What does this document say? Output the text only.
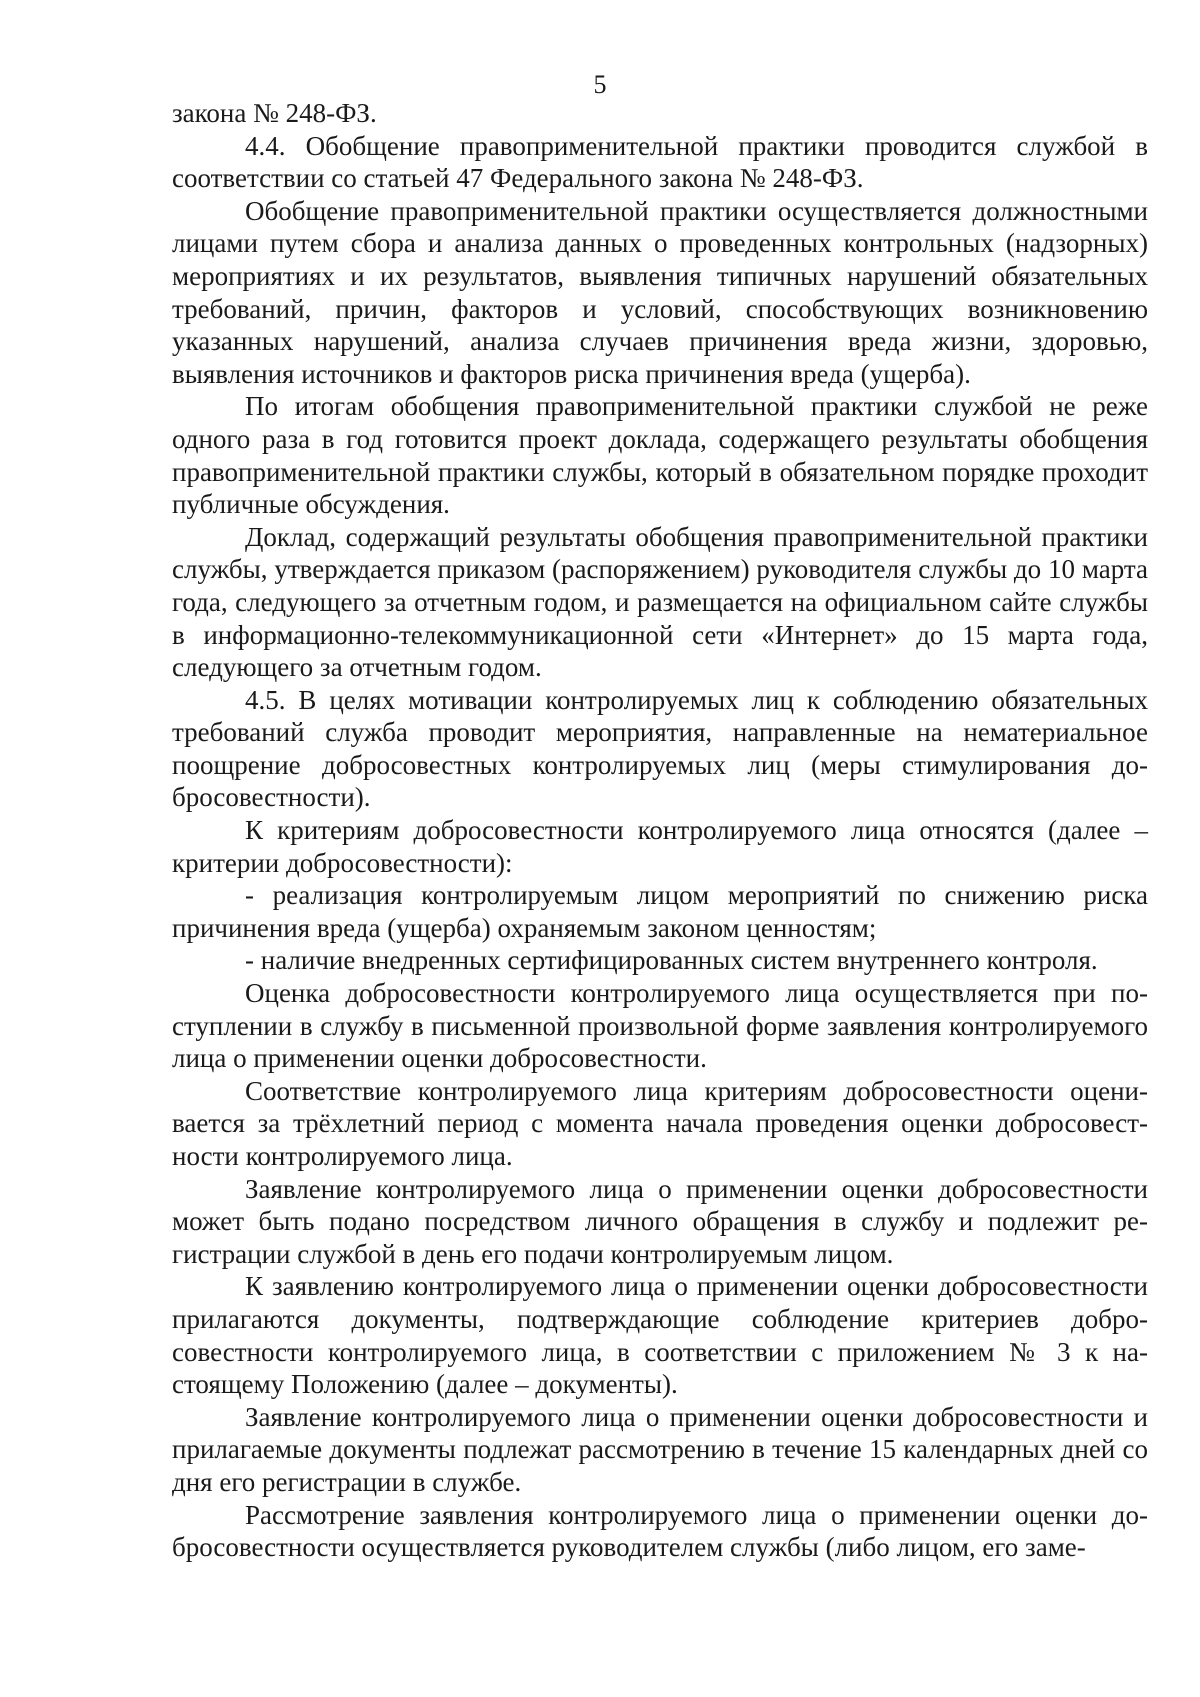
5

закона № 248-ФЗ.

4.4. Обобщение правоприменительной практики проводится службой в соответствии со статьей 47 Федерального закона № 248-ФЗ.

Обобщение правоприменительной практики осуществляется должностными лицами путем сбора и анализа данных о проведенных контрольных (надзорных) мероприятиях и их результатов, выявления типичных нарушений обязательных требований, причин, факторов и условий, способствующих возникновению указанных нарушений, анализа случаев причинения вреда жизни, здоровью, выявления источников и факторов риска причинения вреда (ущерба).

По итогам обобщения правоприменительной практики службой не реже одного раза в год готовится проект доклада, содержащего результаты обобщения правоприменительной практики службы, который в обязательном порядке проходит публичные обсуждения.

Доклад, содержащий результаты обобщения правоприменительной практики службы, утверждается приказом (распоряжением) руководителя службы до 10 марта года, следующего за отчетным годом, и размещается на официальном сайте службы в информационно-телекоммуникационной сети «Интернет» до 15 марта года, следующего за отчетным годом.

4.5. В целях мотивации контролируемых лиц к соблюдению обязательных требований служба проводит мероприятия, направленные на нематериальное поощрение добросовестных контролируемых лиц (меры стимулирования добросовестности).

К критериям добросовестности контролируемого лица относятся (далее – критерии добросовестности):

- реализация контролируемым лицом мероприятий по снижению риска причинения вреда (ущерба) охраняемым законом ценностям;

- наличие внедренных сертифицированных систем внутреннего контроля.

Оценка добросовестности контролируемого лица осуществляется при поступлении в службу в письменной произвольной форме заявления контролируемого лица о применении оценки добросовестности.

Соответствие контролируемого лица критериям добросовестности оценивается за трёхлетний период с момента начала проведения оценки добросовестности контролируемого лица.

Заявление контролируемого лица о применении оценки добросовестности может быть подано посредством личного обращения в службу и подлежит регистрации службой в день его подачи контролируемым лицом.

К заявлению контролируемого лица о применении оценки добросовестности прилагаются документы, подтверждающие соблюдение критериев добросовестности контролируемого лица, в соответствии с приложением № 3 к настоящему Положению (далее – документы).

Заявление контролируемого лица о применении оценки добросовестности и прилагаемые документы подлежат рассмотрению в течение 15 календарных дней со дня его регистрации в службе.

Рассмотрение заявления контролируемого лица о применении оценки добросовестности осуществляется руководителем службы (либо лицом, его заме-
